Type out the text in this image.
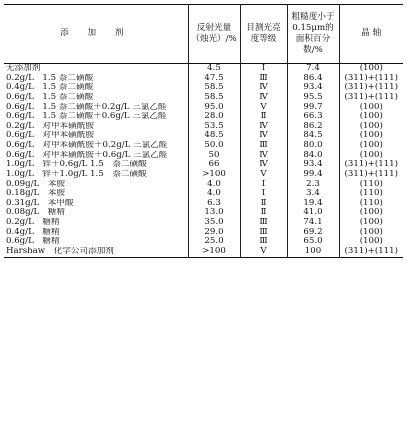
添 加 剂	反射光量（烛光）/%	目测光亮度等级	粗糙度小于0.15μm的面积百分数/%	晶 轴
无添加剂	4.5	Ⅰ	7.4	(100)
0.2g/L　1.5 萘二磺酸	47.5	Ⅲ	86.4	(311)+(111)
0.4g/L　1.5 萘二磺酸	58.5	Ⅳ	93.4	(311)+(111)
0.6g/L　1.5 萘二磺酸	58.5	Ⅳ	95.5	(311)+(111)
0.6g/L　1.5 萘二磺酸＋0.2g/L 三氯乙醛	95.0	Ⅴ	99.7	(100)
0.6g/L　1.5 萘二磺酸＋0.6g/L 三氯乙醛	28.0	Ⅱ	66.3	(100)
0.2g/L　对甲苯磺酰胺	53.5	Ⅳ	86.2	(100)
0.6g/L　对甲苯磺酰胺	48.5	Ⅳ	84.5	(100)
0.6g/L　对甲苯磺酰胺＋0.2g/L 三氯乙醛	50.0	Ⅲ	80.0	(100)
0.6g/L　对甲苯磺酰胺＋0.6g/L 三氯乙醛	50	Ⅳ	84.0	(100)
1.0g/L　锌＋0.6g/L 1.5　萘二磺酸	66	Ⅳ	93.4	(311)+(111)
1.0g/L　锌＋1.0g/L 1.5　萘二磺酸	>100	Ⅴ	99.4	(311)+(111)
0.09g/L　苯胺	4.0	Ⅰ	2.3	(110)
0.18g/L　苯胺	4.0	Ⅰ	3.4	(110)
0.31g/L　苯甲酸	6.3	Ⅱ	19.4	(110)
0.08g/L　糖精	13.0	Ⅱ	41.0	(100)
0.2g/L　糖精	35.0	Ⅲ	74.1	(100)
0.4g/L　糖精	29.0	Ⅲ	69.2	(100)
0.6g/L　糖精	25.0	Ⅲ	65.0	(100)
Harshaw　化学公司添加剂	>100	Ⅴ	100	(311)+(111)
